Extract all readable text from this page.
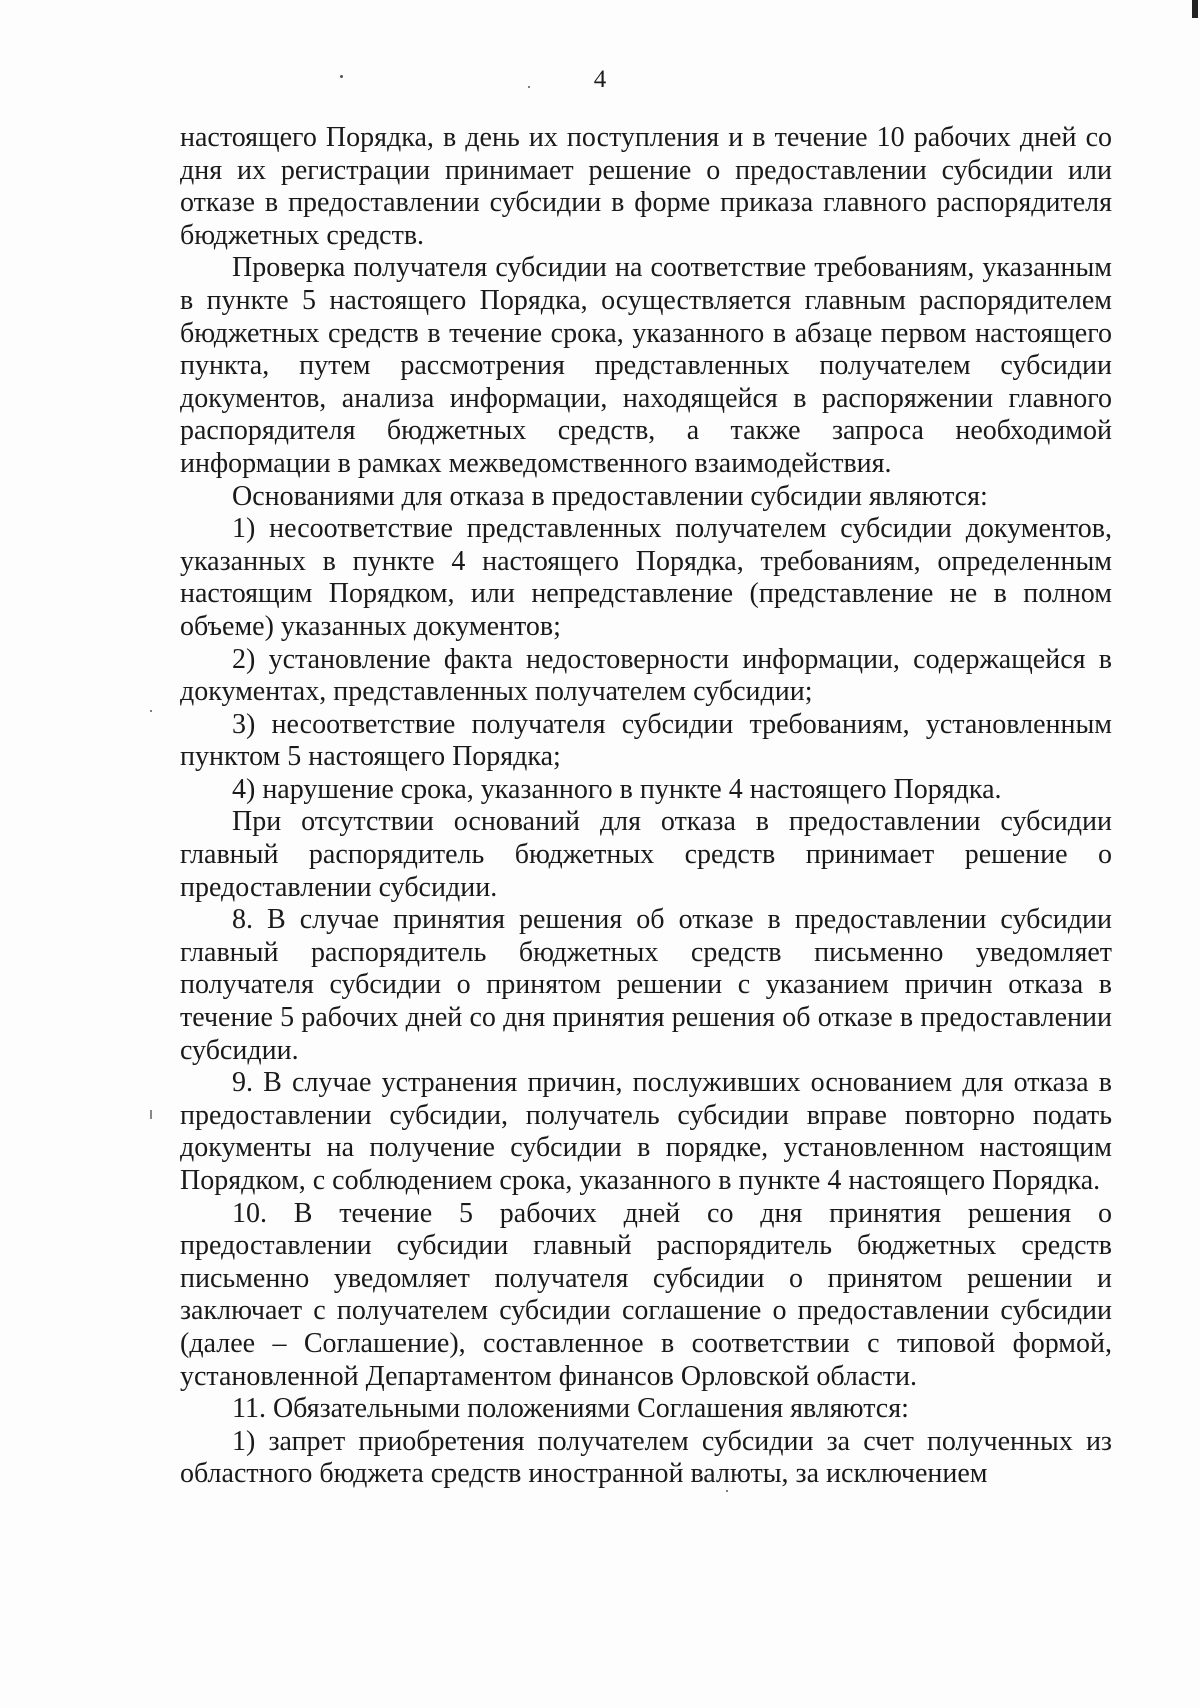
4

настоящего Порядка, в день их поступления и в течение 10 рабочих дней со дня их регистрации принимает решение о предоставлении субсидии или отказе в предоставлении субсидии в форме приказа главного распорядителя бюджетных средств.

Проверка получателя субсидии на соответствие требованиям, указанным в пункте 5 настоящего Порядка, осуществляется главным распорядителем бюджетных средств в течение срока, указанного в абзаце первом настоящего пункта, путем рассмотрения представленных получателем субсидии документов, анализа информации, находящейся в распоряжении главного распорядителя бюджетных средств, а также запроса необходимой информации в рамках межведомственного взаимодействия.

Основаниями для отказа в предоставлении субсидии являются:

1) несоответствие представленных получателем субсидии документов, указанных в пункте 4 настоящего Порядка, требованиям, определенным настоящим Порядком, или непредставление (представление не в полном объеме) указанных документов;

2) установление факта недостоверности информации, содержащейся в документах, представленных получателем субсидии;

3) несоответствие получателя субсидии требованиям, установленным пунктом 5 настоящего Порядка;

4) нарушение срока, указанного в пункте 4 настоящего Порядка.

При отсутствии оснований для отказа в предоставлении субсидии главный распорядитель бюджетных средств принимает решение о предоставлении субсидии.

8. В случае принятия решения об отказе в предоставлении субсидии главный распорядитель бюджетных средств письменно уведомляет получателя субсидии о принятом решении с указанием причин отказа в течение 5 рабочих дней со дня принятия решения об отказе в предоставлении субсидии.

9. В случае устранения причин, послуживших основанием для отказа в предоставлении субсидии, получатель субсидии вправе повторно подать документы на получение субсидии в порядке, установленном настоящим Порядком, с соблюдением срока, указанного в пункте 4 настоящего Порядка.

10. В течение 5 рабочих дней со дня принятия решения о предоставлении субсидии главный распорядитель бюджетных средств письменно уведомляет получателя субсидии о принятом решении и заключает с получателем субсидии соглашение о предоставлении субсидии (далее – Соглашение), составленное в соответствии с типовой формой, установленной Департаментом финансов Орловской области.

11. Обязательными положениями Соглашения являются:

1) запрет приобретения получателем субсидии за счет полученных из областного бюджета средств иностранной валюты, за исключением
